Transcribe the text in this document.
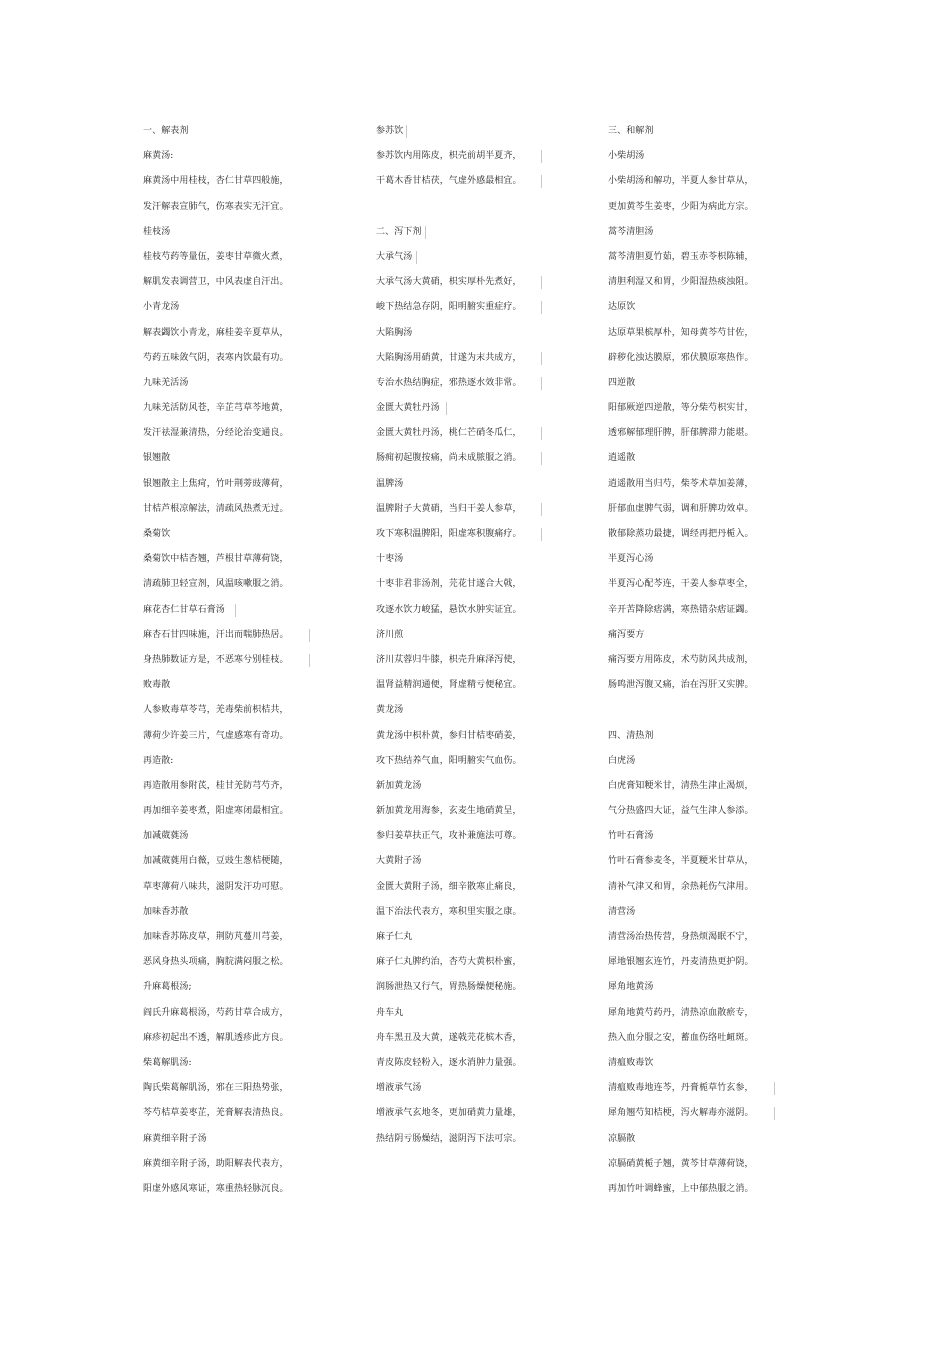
一、解表剂
麻黄汤:
麻黄汤中用桂枝，杏仁甘草四般施，
发汗解表宣肺气，伤寒表实无汗宜。
桂枝汤
桂枝芍药等量伍，姜枣甘草微火煮，
解肌发表调营卫，中风表虚自汗出。
小青龙汤
解表蠲饮小青龙，麻桂姜辛夏草从，
芍药五味敛气阴，表寒内饮最有功。
九味羌活汤
九味羌活防风苍，辛芷芎草芩地黄，
发汗祛湿兼清热，分经论治变通良。
银翘散
银翘散主上焦疴，竹叶荆蒡豉薄荷，
甘桔芦根凉解法，清疏风热煮无过。
桑菊饮
桑菊饮中桔杏翘，芦根甘草薄荷饶，
清疏肺卫轻宣剂，风温咳嗽服之消。
麻花杏仁甘草石膏汤
麻杏石甘四味施，汗出而喘肺热居。
身热肺数证方是，不恶寒兮别桂枝。
败毒散
人参败毒草苓芎，羌毒柴前枳桔共，
薄荷少许姜三片，气虚感寒有奇功。
再造散:
再造散用参附芪，桂甘羌防芎芍齐，
再加细辛姜枣煮，阳虚寒闭最相宜。
加减葳蕤汤
加减葳蕤用白薇，豆豉生葱桔梗随，
草枣薄荷八味共，滋阴发汗功可慰。
加味香苏散
加味香苏陈皮草，荆防芃蔓川芎姜，
恶风身热头项痛，胸脘满闷服之松。
升麻葛根汤;
阎氏升麻葛根汤，芍药甘草合成方，
麻疹初起出不透，解肌透疹此方良。
柴葛解肌汤:
陶氏柴葛解肌汤，邪在三阳热势张，
芩芍桔草姜枣芷，羌膏解表清热良。
麻黄细辛附子汤
麻黄细辛附子汤，助阳解表代表方，
阳虚外感风寒证，寒重热轻脉沉良。
参苏饮
参苏饮内用陈皮，枳壳前胡半夏齐，
干葛木香甘桔茯，气虚外感最相宜。
二、泻下剂
大承气汤
大承气汤大黄硝，枳实厚朴先煮好，
峻下热结急存阴，阳明腑实重症疗。
大陷胸汤
大陷胸汤用硝黄，甘遂为末共成方，
专治水热结胸症，邪热逐水效非常。
金匮大黄牡丹汤
金匮大黄牡丹汤，桃仁芒硝冬瓜仁，
肠痈初起腹按痛，尚未成脓服之消。
温脾汤
温脾附子大黄硝，当归干姜人参草，
攻下寒积温脾阳，阳虚寒积腹痛疗。
十枣汤
十枣非君非汤剂，芫花甘遂合大戟，
攻逐水饮力峻猛，悬饮水肿实证宜。
济川煎
济川苁蓉归牛膝，枳壳升麻泽泻使，
温肾益精润通便，肾虚精亏便秘宜。
黄龙汤
黄龙汤中枳朴黄，参归甘桔枣硝姜，
攻下热结养气血，阳明腑实气血伤。
新加黄龙汤
新加黄龙用海参，玄麦生地硝黄呈，
参归姜草扶正气，攻补兼施法可尊。
大黄附子汤
金匮大黄附子汤，细辛散寒止痛良，
温下治法代表方，寒积里实服之康。
麻子仁丸
麻子仁丸脾约治，杏芍大黄枳朴蜜，
润肠泄热又行气，胃热肠燥便秘施。
舟车丸
舟车黑丑及大黄，遂戟芫花槟木香，
青皮陈皮轻粉入，逐水消肿力量强。
增液承气汤
增液承气玄地冬，更加硝黄力量雄，
热结阴亏肠燥结，滋阴泻下法可宗。
三、和解剂
小柴胡汤
小柴胡汤和解功，半夏人参甘草从，
更加黄芩生姜枣，少阳为病此方宗。
蒿芩清胆汤
蒿芩清胆夏竹茹，碧玉赤苓枳陈辅，
清胆利湿又和胃，少阳湿热痰浊阻。
达原饮
达原草果槟厚朴，知母黄芩芍甘佐，
辟秽化浊达膜原，邪伏膜原寒热作。
四逆散
阳郁厥逆四逆散，等分柴芍枳实甘，
透邪解郁理肝脾，肝郁脾滞力能堪。
逍遥散
逍遥散用当归芍，柴苓术草加姜薄，
肝郁血虚脾气弱，调和肝脾功效卓。
散郁除蒸功最捷，调经再把丹栀入。
半夏泻心汤
半夏泻心配芩连，干姜人参草枣全，
辛开苦降除痞满，寒热错杂痞证蠲。
痛泻要方
痛泻要方用陈皮，术芍防风共成剂，
肠鸣泄泻腹又痛，治在泻肝又实脾。
四、清热剂
白虎汤
白虎膏知粳米甘，清热生津止渴烦，
气分热盛四大证，益气生津人参添。
竹叶石膏汤
竹叶石膏参麦冬，半夏粳米甘草从，
清补气津又和胃，余热耗伤气津用。
清营汤
清营汤治热传营，身热烦渴眠不宁，
犀地银翘玄连竹，丹麦清热更护阴。
犀角地黄汤
犀角地黄芍药丹，清热凉血散瘀专，
热入血分服之安，蓄血伤络吐衄斑。
清瘟败毒饮
清瘟败毒地连芩，丹膏栀草竹玄参，
犀角翘芍知桔梗，泻火解毒亦滋阴。
凉膈散
凉膈硝黄栀子翘，黄芩甘草薄荷饶，
再加竹叶调蜂蜜，上中郁热服之消。
